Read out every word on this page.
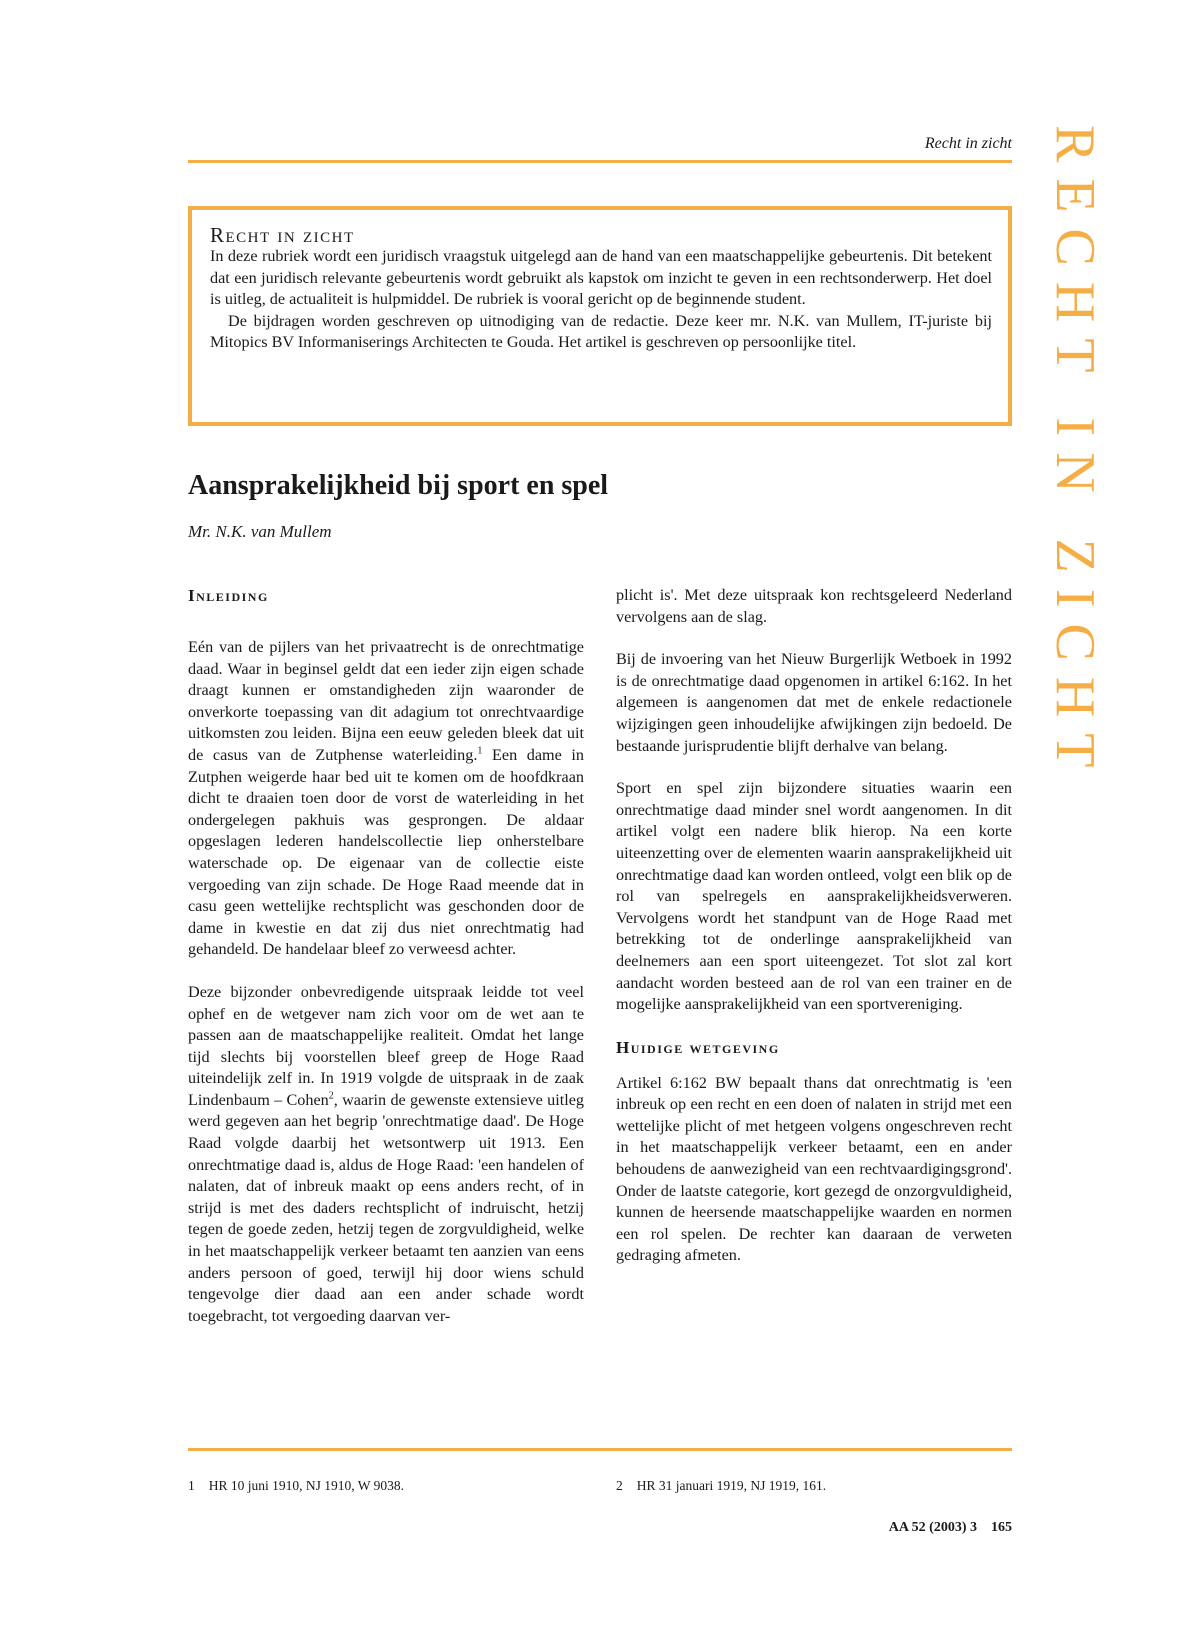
Recht in zicht RECHT IN ZICHT
Recht in zicht

In deze rubriek wordt een juridisch vraagstuk uitgelegd aan de hand van een maatschappelijke gebeurtenis. Dit betekent dat een juridisch relevante gebeurtenis wordt gebruikt als kapstok om inzicht te geven in een rechtsonderwerp. Het doel is uitleg, de actualiteit is hulpmiddel. De rubriek is vooral gericht op de beginnende student.

De bijdragen worden geschreven op uitnodiging van de redactie. Deze keer mr. N.K. van Mullem, IT-juriste bij Mitopics BV Informaniserings Architecten te Gouda. Het artikel is geschreven op persoonlijke titel.

Aansprakelijkheid bij sport en spel
Mr. N.K. van Mullem
Inleiding

Eén van de pijlers van het privaatrecht is de onrechtmatige daad. Waar in beginsel geldt dat een ieder zijn eigen schade draagt kunnen er omstandigheden zijn waaronder de onverkorte toepassing van dit adagium tot onrechtvaardige uitkomsten zou leiden. Bijna een eeuw geleden bleek dat uit de casus van de Zutphense waterleiding.$^1$ Een dame in Zutphen weigerde haar bed uit te komen om de hoofdkraan dicht te draaien toen door de vorst de waterleiding in het ondergelegen pakhuis was gesprongen. De aldaar opgeslagen lederen handelscollectie liep onherstelbare waterschade op. De eigenaar van de collectie eiste vergoeding van zijn schade. De Hoge Raad meende dat in casu geen wettelijke rechtsplicht was geschonden door de dame in kwestie en dat zij dus niet onrechtmatig had gehandeld. De handelaar bleef zo verweesd achter.

Deze bijzonder onbevredigende uitspraak leidde tot veel ophef en de wetgever nam zich voor om de wet aan te passen aan de maatschappelijke realiteit. Omdat het lange tijd slechts bij voorstellen bleef greep de Hoge Raad uiteindelijk zelf in. In 1919 volgde de uitspraak in de zaak Lindenbaum – Cohen$^2$, waarin de gewenste extensieve uitleg werd gegeven aan het begrip 'onrechtmatige daad'. De Hoge Raad volgde daarbij het wetsontwerp uit 1913. Een onrechtmatige daad is, aldus de Hoge Raad: 'een handelen of nalaten, dat of inbreuk maakt op eens anders recht, of in strijd is met des daders rechtsplicht of indruischt, hetzij tegen de goede zeden, hetzij tegen de zorgvuldigheid, welke in het maatschappelijk verkeer betaamt ten aanzien van eens anders persoon of goed, terwijl hij door wiens schuld tengevolge dier daad aan een ander schade wordt toegebracht, tot vergoeding daarvan ver-

plicht is'. Met deze uitspraak kon rechtsgeleerd Nederland vervolgens aan de slag.

Bij de invoering van het Nieuw Burgerlijk Wetboek in 1992 is de onrechtmatige daad opgenomen in artikel 6:162. In het algemeen is aangenomen dat met de enkele redactionele wijzigingen geen inhoudelijke afwijkingen zijn bedoeld. De bestaande jurisprudentie blijft derhalve van belang.

Sport en spel zijn bijzondere situaties waarin een onrechtmatige daad minder snel wordt aangenomen. In dit artikel volgt een nadere blik hierop. Na een korte uiteenzetting over de elementen waarin aansprakelijkheid uit onrechtmatige daad kan worden ontleed, volgt een blik op de rol van spelregels en aansprakelijkheidsverweren. Vervolgens wordt het standpunt van de Hoge Raad met betrekking tot de onderlinge aansprakelijkheid van deelnemers aan een sport uiteengezet. Tot slot zal kort aandacht worden besteed aan de rol van een trainer en de mogelijke aansprakelijkheid van een sportvereniging.

Huidige wetgeving

Artikel 6:162 BW bepaalt thans dat onrechtmatig is 'een inbreuk op een recht en een doen of nalaten in strijd met een wettelijke plicht of met hetgeen volgens ongeschreven recht in het maatschappelijk verkeer betaamt, een en ander behoudens de aanwezigheid van een rechtvaardigingsgrond'. Onder de laatste categorie, kort gezegd de onzorgvuldigheid, kunnen de heersende maatschappelijke waarden en normen een rol spelen. De rechter kan daaraan de verweten gedraging afmeten.

1 HR 10 juni 1910, NJ 1910, W 9038.	2 HR 31 januari 1919, NJ 1919, 161.
AA 52 (2003) 3 165
